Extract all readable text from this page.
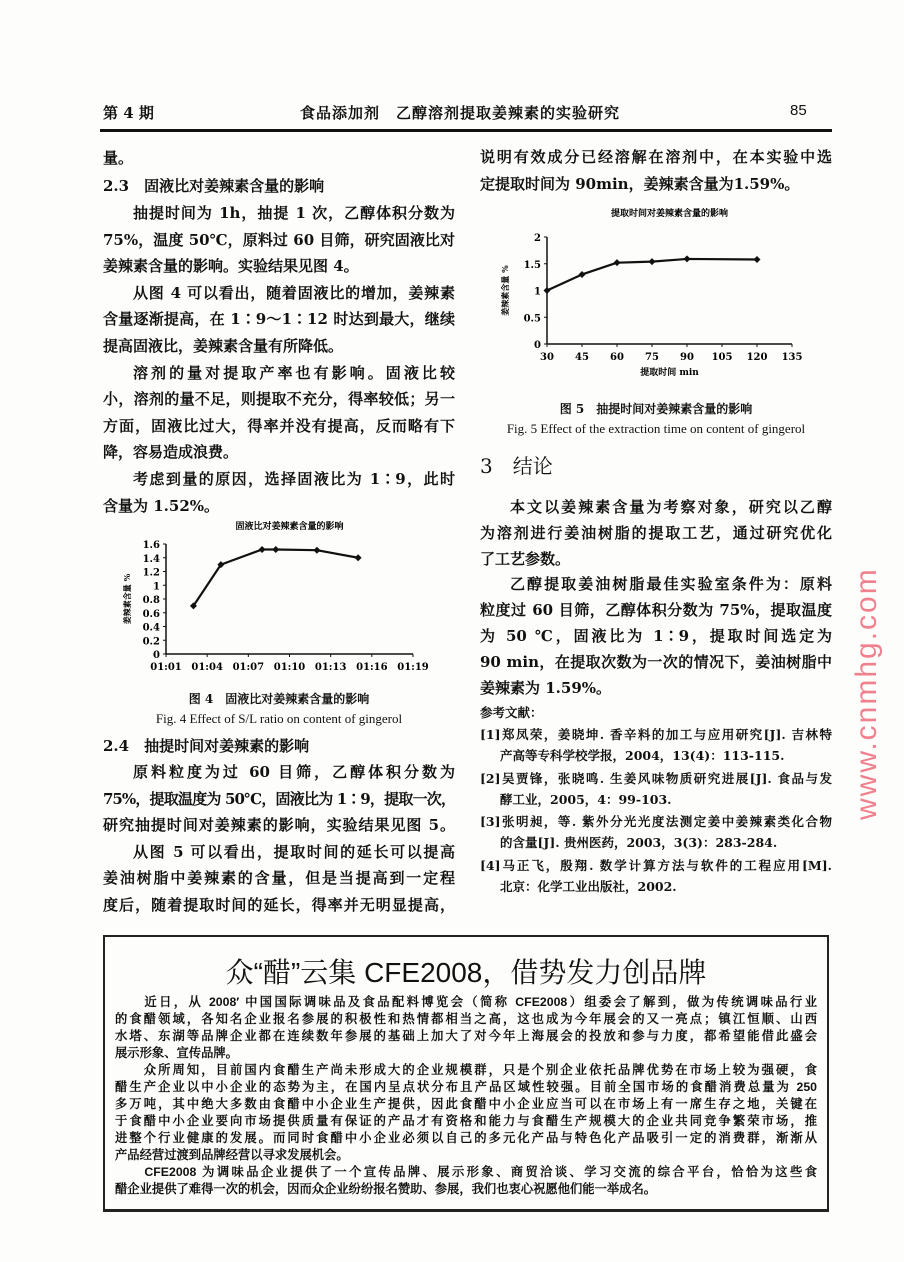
第 4 期	食品添加剂　乙醇溶剂提取姜辣素的实验研究	85
量。
2.3　固液比对姜辣素含量的影响
抽提时间为 1h，抽提 1 次，乙醇体积分数为
75%，温度 50℃，原料过 60 目筛，研究固液比对
姜辣素含量的影响。实验结果见图 4。
从图 4 可以看出，随着固液比的增加，姜辣素
含量逐渐提高，在 1∶9～1∶12 时达到最大，继续
提高固液比，姜辣素含量有所降低。
溶剂的量对提取产率也有影响。固液比较
小，溶剂的量不足，则提取不充分，得率较低；另一
方面，固液比过大，得率并没有提高，反而略有下
降，容易造成浪费。
考虑到量的原因，选择固液比为 1∶9，此时
含量为 1.52%。
2.4　抽提时间对姜辣素的影响
原料粒度为过 60 目筛，乙醇体积分数为
75%，提取温度为 50℃，固液比为 1∶9，提取一次，
研究抽提时间对姜辣素的影响，实验结果见图 5。
从图 5 可以看出，提取时间的延长可以提高
姜油树脂中姜辣素的含量，但是当提高到一定程
度后，随着提取时间的延长，得率并无明显提高，
说明有效成分已经溶解在溶剂中，在本实验中选
定提取时间为 90min，姜辣素含量为1.59%。
3　结论
本文以姜辣素含量为考察对象，研究以乙醇
为溶剂进行姜油树脂的提取工艺，通过研究优化
了工艺参数。
乙醇提取姜油树脂最佳实验室条件为：原料
粒度过 60 目筛，乙醇体积分数为 75%，提取温度
为 50 ℃，固液比为 1∶9，提取时间选定为
90 min，在提取次数为一次的情况下，姜油树脂中
姜辣素为 1.59%。
参考文献：
[1]郑凤荣，姜晓坤. 香辛料的加工与应用研究[J]. 吉林特
产高等专科学校学报，2004，13(4)：113-115.
[2]吴贾锋，张晓鸣. 生姜风味物质研究进展[J]. 食品与发
酵工业，2005，4：99-103.
[3]张明昶，等. 紫外分光光度法测定姜中姜辣素类化合物
的含量[J]. 贵州医药，2003，3(3)：283-284.
[4]马正飞，殷翔. 数学计算方法与软件的工程应用[M].
北京：化学工业出版社，2002.
固液比对姜辣素含量的影响
01:01 01:04 01:07 01:10 01:13 01:16 01:19
0
0.2
0.4
0.6
0.8
1
1.2
1.4
1.6
姜辣素含量 %
图 4　固液比对姜辣素含量的影响
Fig. 4 Effect of S/L ratio on content of gingerol
提取时间对姜辣素含量的影响
30 45 60 75 90 105 120 135
0
0.5
1
1.5
2
姜辣素含量 %
提取时间 min
图 5　抽提时间对姜辣素含量的影响
Fig. 5 Effect of the extraction time on content of gingerol
众“醋”云集 CFE2008，借势发力创品牌
　　近日，从 2008′ 中国国际调味品及食品配料博览会（简称 CFE2008）组委会了解到，做为传统调味品行业
的食醋领域，各知名企业报名参展的积极性和热情都相当之高，这也成为今年展会的又一亮点；镇江恒顺、山西
水塔、东湖等品牌企业都在连续数年参展的基础上加大了对今年上海展会的投放和参与力度，都希望能借此盛会
展示形象、宣传品牌。
　　众所周知，目前国内食醋生产尚未形成大的企业规模群，只是个别企业依托品牌优势在市场上较为强硬，食
醋生产企业以中小企业的态势为主，在国内呈点状分布且产品区域性较强。目前全国市场的食醋消费总量为 250
多万吨，其中绝大多数由食醋中小企业生产提供，因此食醋中小企业应当可以在市场上有一席生存之地，关键在
于食醋中小企业要向市场提供质量有保证的产品才有资格和能力与食醋生产规模大的企业共同竞争繁荣市场，推
进整个行业健康的发展。而同时食醋中小企业必须以自己的多元化产品与特色化产品吸引一定的消费群，渐渐从
产品经营过渡到品牌经营以寻求发展机会。
　　CFE2008 为调味品企业提供了一个宣传品牌、展示形象、商贸洽谈、学习交流的综合平台，恰恰为这些食
醋企业提供了难得一次的机会，因而众企业纷纷报名赞助、参展，我们也衷心祝愿他们能一举成名。
www.cnmhg.com
